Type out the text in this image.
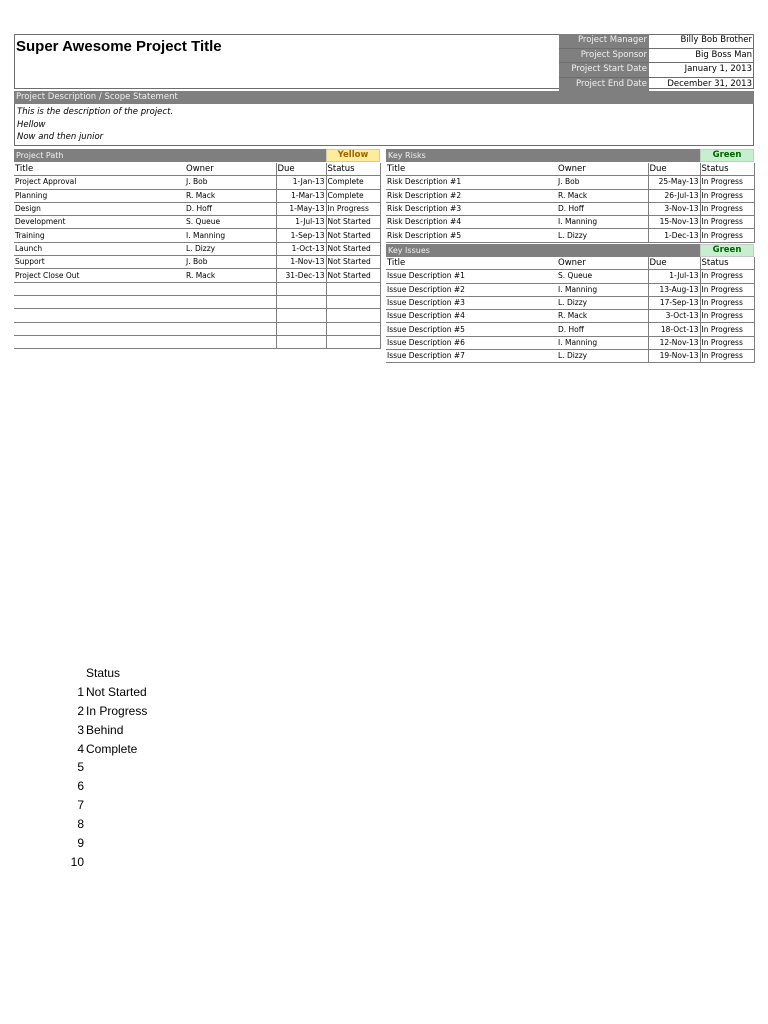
Super Awesome Project Title	Project Manager	Billy Bob Brother
Project Sponsor	Big Boss Man
Project Start Date	January 1, 2013
Project End Date	December 31, 2013
Project Description / Scope Statement
This is the description of the project.
Hellow
Now and then junior
Project Path	Yellow
Title	Owner	Due	Status
Project Approval	J. Bob	1-Jan-13	Complete
Planning	R. Mack	1-Mar-13	Complete
Design	D. Hoff	1-May-13	In Progress
Development	S. Queue	1-Jul-13	Not Started
Training	I. Manning	1-Sep-13	Not Started
Launch	L. Dizzy	1-Oct-13	Not Started
Support	J. Bob	1-Nov-13	Not Started
Project Close Out	R. Mack	31-Dec-13	Not Started

Key Risks	Green
Title	Owner	Due	Status
Risk Description #1	J. Bob	25-May-13	In Progress
Risk Description #2	R. Mack	26-Jul-13	In Progress
Risk Description #3	D. Hoff	3-Nov-13	In Progress
Risk Description #4	I. Manning	15-Nov-13	In Progress
Risk Description #5	L. Dizzy	1-Dec-13	In Progress
Key Issues	Green
Title	Owner	Due	Status
Issue Description #1	S. Queue	1-Jul-13	In Progress
Issue Description #2	I. Manning	13-Aug-13	In Progress
Issue Description #3	L. Dizzy	17-Sep-13	In Progress
Issue Description #4	R. Mack	3-Oct-13	In Progress
Issue Description #5	D. Hoff	18-Oct-13	In Progress
Issue Description #6	I. Manning	12-Nov-13	In Progress
Issue Description #7	L. Dizzy	19-Nov-13	In Progress
Status
1 Not Started
2 In Progress
3 Behind
4 Complete
5
6
7
8
9
10
